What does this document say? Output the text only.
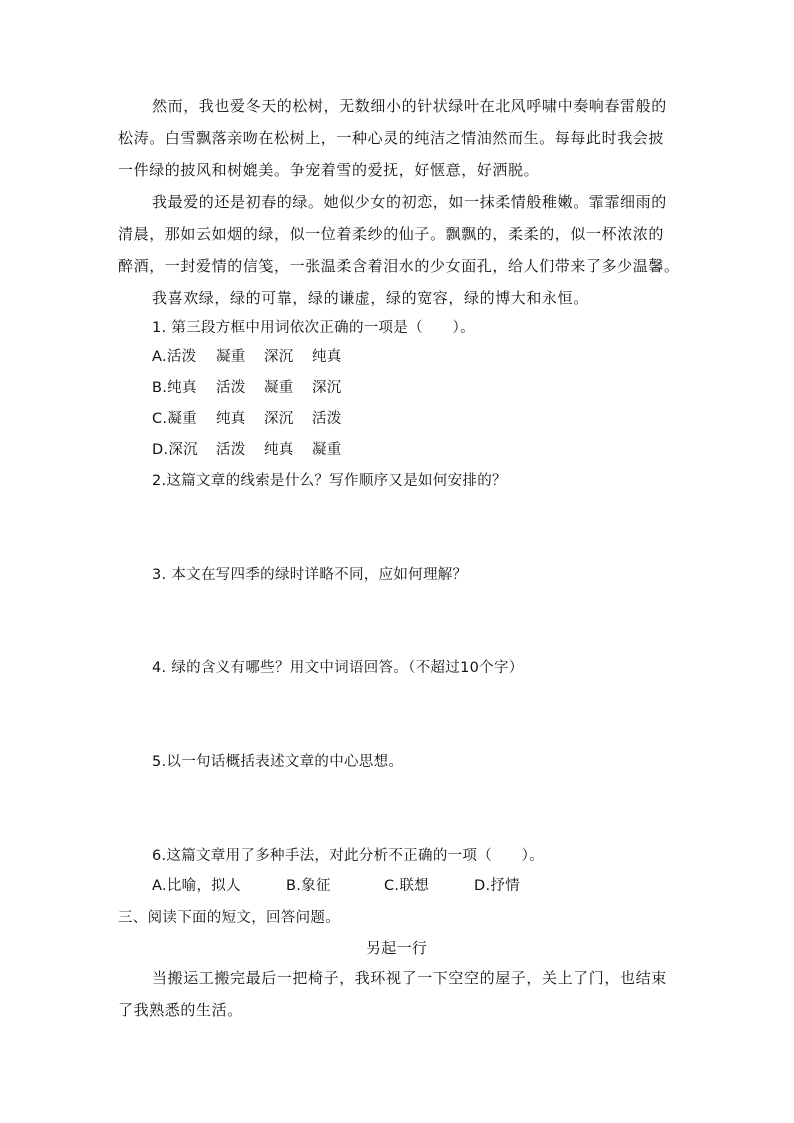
然而，我也爱冬天的松树，无数细小的针状绿叶在北风呼啸中奏响春雷般的
松涛。白雪飘落亲吻在松树上，一种心灵的纯洁之情油然而生。每每此时我会披
一件绿的披风和树媲美。争宠着雪的爱抚，好惬意，好洒脱。
我最爱的还是初春的绿。她似少女的初恋，如一抹柔情般稚嫩。霏霏细雨的
清晨，那如云如烟的绿，似一位着柔纱的仙子。飘飘的，柔柔的，似一杯浓浓的
醉酒，一封爱情的信笺，一张温柔含着泪水的少女面孔，给人们带来了多少温馨。
我喜欢绿，绿的可靠，绿的谦虚，绿的宽容，绿的博大和永恒。
1. 第三段方框中用词依次正确的一项是（　　）。
A.活泼 凝重 深沉 纯真
B.纯真 活泼 凝重 深沉
C.凝重 纯真 深沉 活泼
D.深沉 活泼 纯真 凝重
2.这篇文章的线索是什么？写作顺序又是如何安排的？
3. 本文在写四季的绿时详略不同，应如何理解？
4. 绿的含义有哪些？用文中词语回答。（不超过10个字）
5.以一句话概括表述文章的中心思想。
6.这篇文章用了多种手法，对此分析不正确的一项（　　）。
A.比喻，拟人	B.象征	C.联想	D.抒情
三、阅读下面的短文，回答问题。
另起一行
当搬运工搬完最后一把椅子，我环视了一下空空的屋子，关上了门，也结束
了我熟悉的生活。
